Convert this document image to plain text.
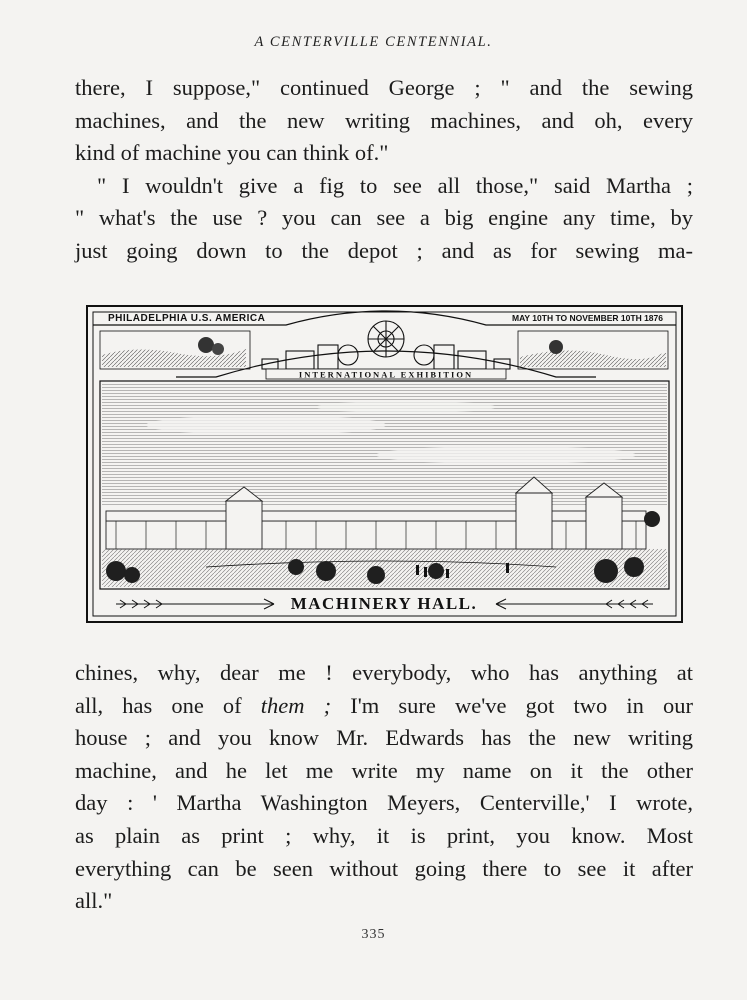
A CENTERVILLE CENTENNIAL.
there, I suppose," continued George ; " and the sewing
machines, and the new writing machines, and oh, every
kind of machine you can think of."
" I wouldn't give a fig to see all those," said Martha ;
" what's the use ? you can see a big engine any time, by
just going down to the depot ; and as for sewing ma-
INTERNATIONAL EXHIBITION
PHILADELPHIA U.S. AMERICA	MAY 10TH TO NOVEMBER 10TH 1876
MACHINERY HALL.
chines, why, dear me ! everybody, who has anything at
all, has one of them ; I'm sure we've got two in our
house ; and you know Mr. Edwards has the new writing
machine, and he let me write my name on it the other
day : ' Martha Washington Meyers, Centerville,' I wrote,
as plain as print ; why, it is print, you know. Most
everything can be seen without going there to see it after
all."
335
